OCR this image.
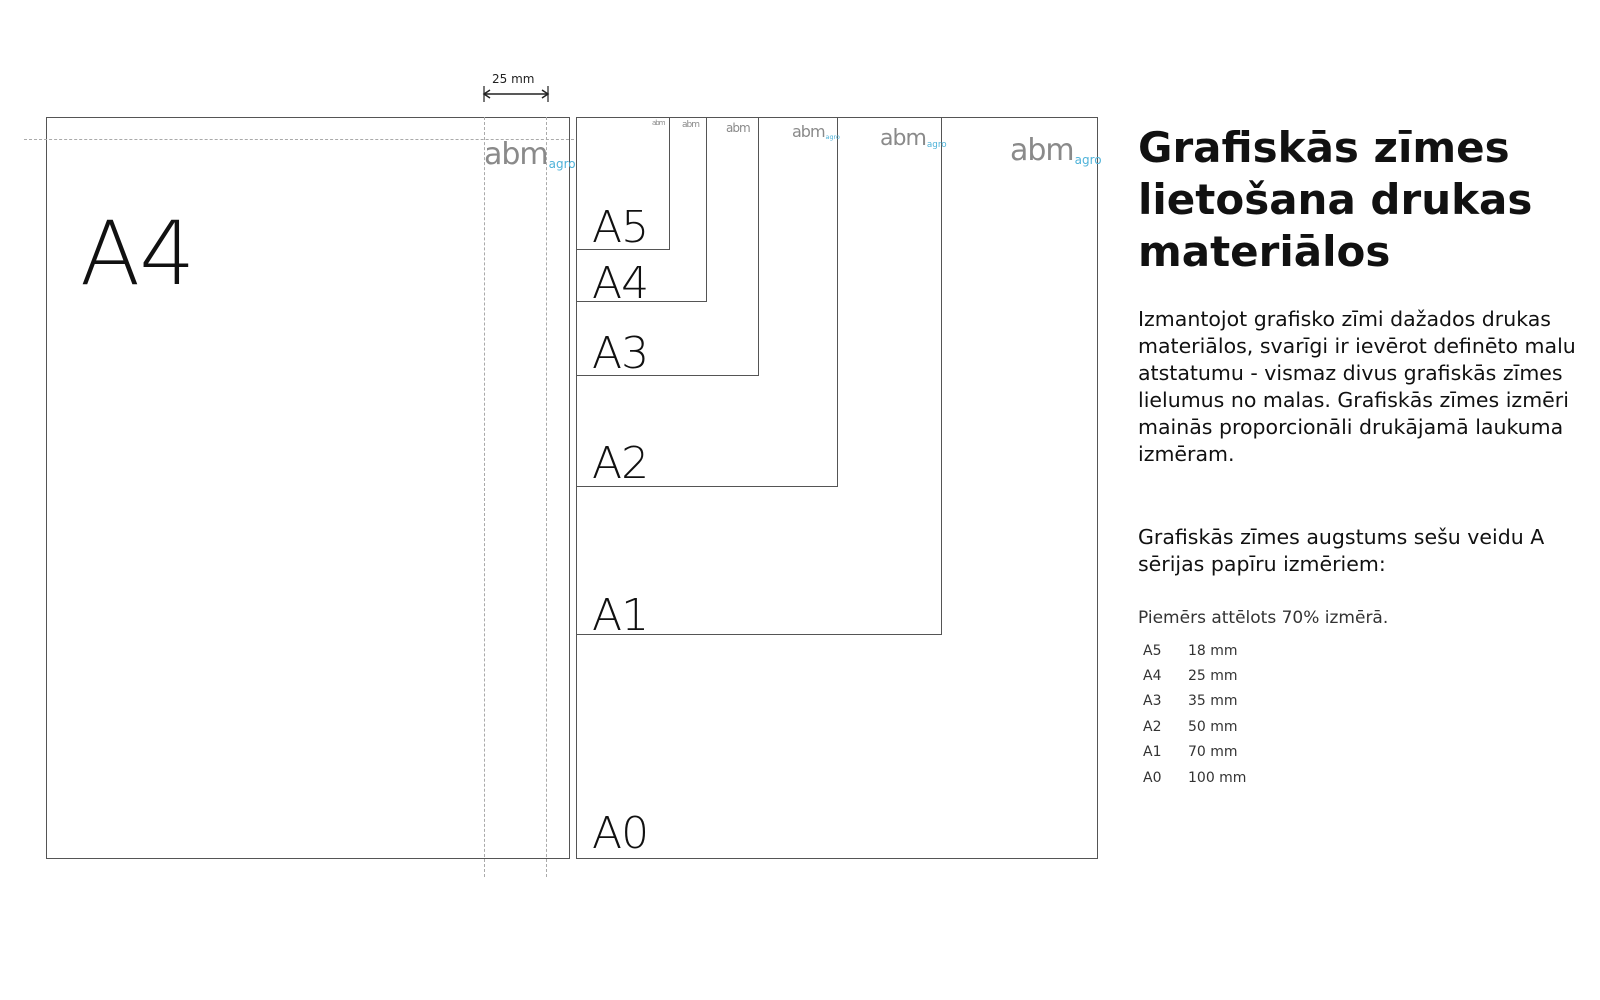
A4
abmagro
25 mm
A5
A4
A3
A2
A1
A0
abm abm abm	abmagro abmagro abmagro Grafiskās zīmes lietošana drukas materiālos
Izmantojot grafisko zīmi dažados drukas materiālos, svarīgi ir ievērot definēto malu atstatumu - vismaz divus grafiskās zīmes lielumus no malas. Grafiskās zīmes izmēri mainās proporcionāli drukājamā laukuma izmēram.
Grafiskās zīmes augstums sešu veidu A sērijas papīru izmēriem:
Piemērs attēlots 70% izmērā.
A5	18 mm
A4	25 mm
A3	35 mm
A2	50 mm
A1	70 mm
A0	100 mm
